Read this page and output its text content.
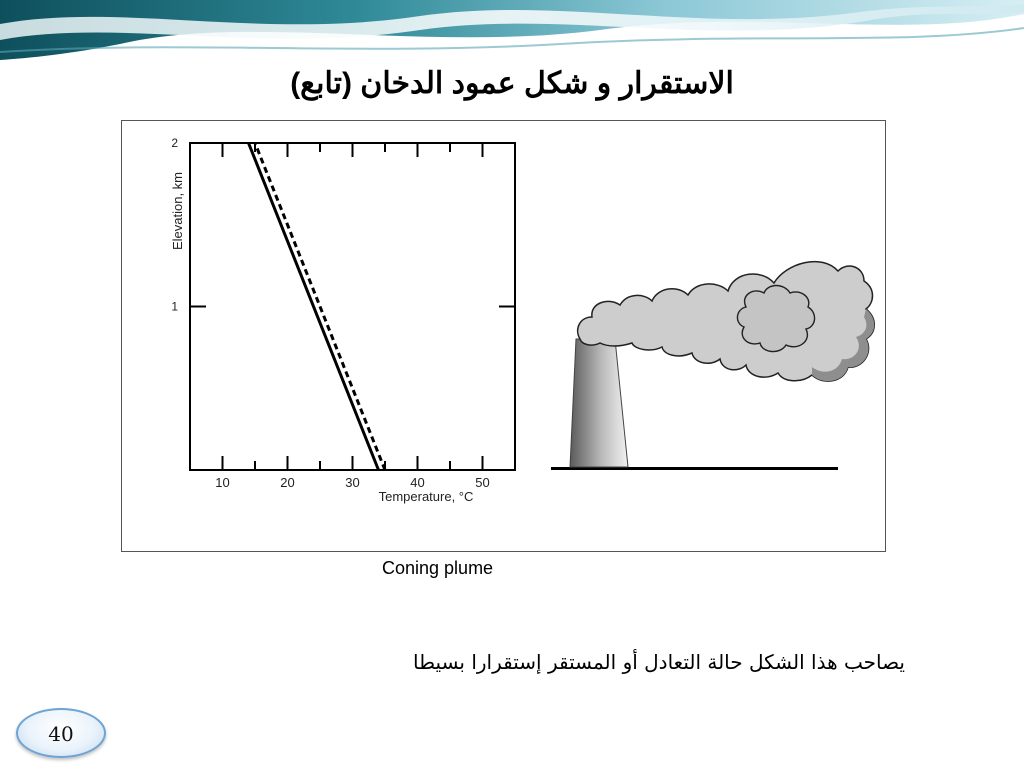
الاستقرار و شكل عمود الدخان (تابع)
10	20	30	40	50
1
2
Temperature, °C
Elevation, km
Coning plume
يصاحب هذا الشكل حالة التعادل أو المستقر إستقرارا بسيطا
40
